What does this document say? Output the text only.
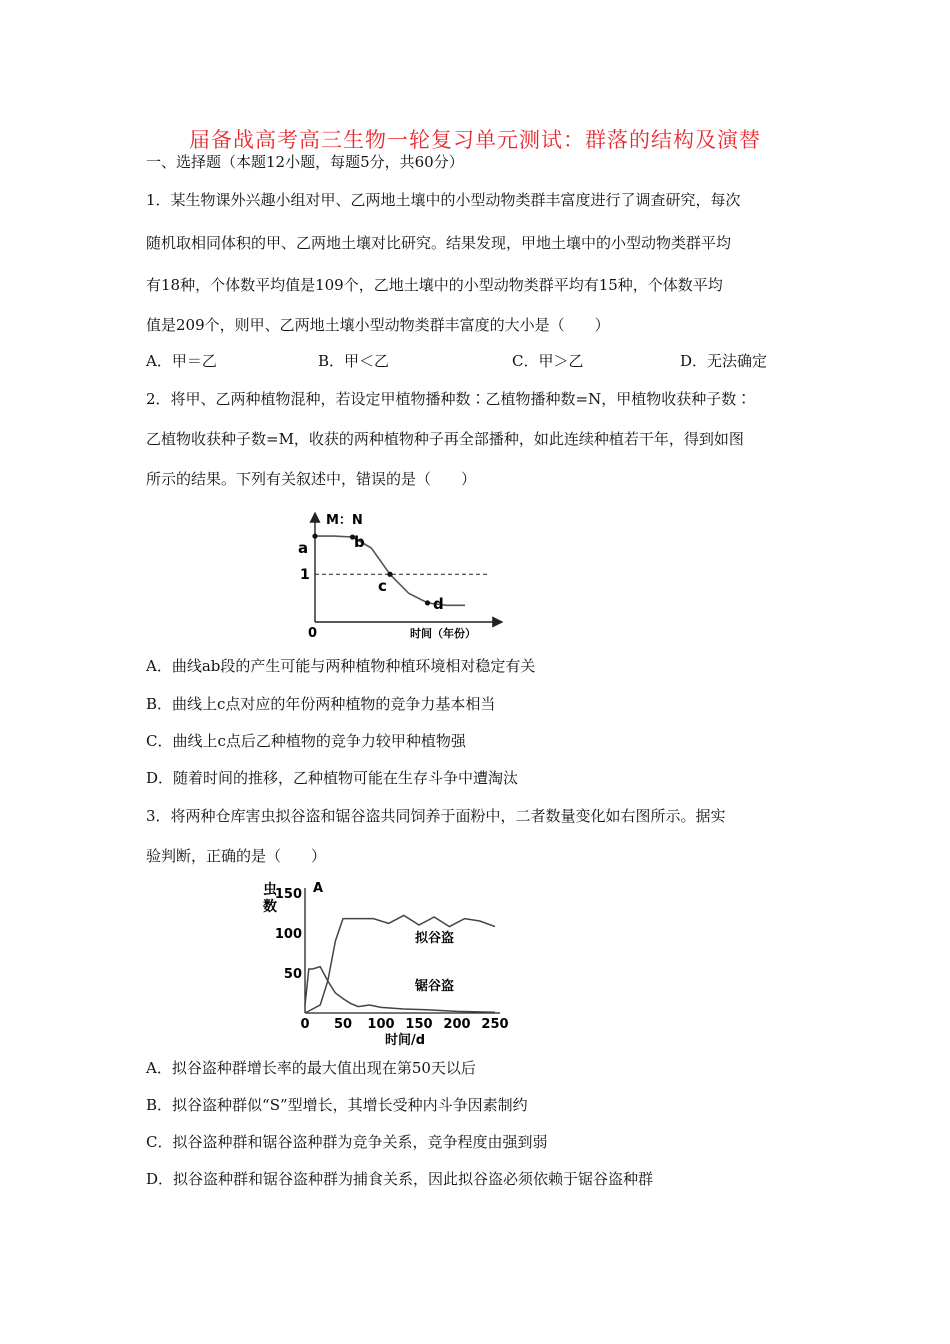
届备战高考高三生物一轮复习单元测试：群落的结构及演替
一、选择题（本题12小题，每题5分，共60分）
1．某生物课外兴趣小组对甲、乙两地土壤中的小型动物类群丰富度进行了调查研究，每次
随机取相同体积的甲、乙两地土壤对比研究。结果发现，甲地土壤中的小型动物类群平均
有18种，个体数平均值是109个，乙地土壤中的小型动物类群平均有15种，个体数平均
值是209个，则甲、乙两地土壤小型动物类群丰富度的大小是（　　）
A．甲＝乙	B．甲＜乙	C．甲＞乙	D．无法确定
2．将甲、乙两种植物混种，若设定甲植物播种数∶乙植物播种数=N，甲植物收获种子数∶
乙植物收获种子数=M，收获的两种植物种子再全部播种，如此连续种植若干年，得到如图
所示的结果。下列有关叙述中，错误的是（　　）
M：N
0	时间（年份）
a
1
b
c
d
A．曲线ab段的产生可能与两种植物种植环境相对稳定有关
B．曲线上c点对应的年份两种植物的竞争力基本相当
C．曲线上c点后乙种植物的竞争力较甲种植物强
D．随着时间的推移，乙种植物可能在生存斗争中遭淘汰
3．将两种仓库害虫拟谷盗和锯谷盗共同饲养于面粉中，二者数量变化如右图所示。据实
验判断，正确的是（　　）
0 50 100 150 200 250
50
100
150
虫
数
A
时间/d
拟谷盗
锯谷盗
A．拟谷盗种群增长率的最大值出现在第50天以后
B．拟谷盗种群似“S”型增长，其增长受种内斗争因素制约
C．拟谷盗种群和锯谷盗种群为竞争关系，竞争程度由强到弱
D．拟谷盗种群和锯谷盗种群为捕食关系，因此拟谷盗必须依赖于锯谷盗种群
